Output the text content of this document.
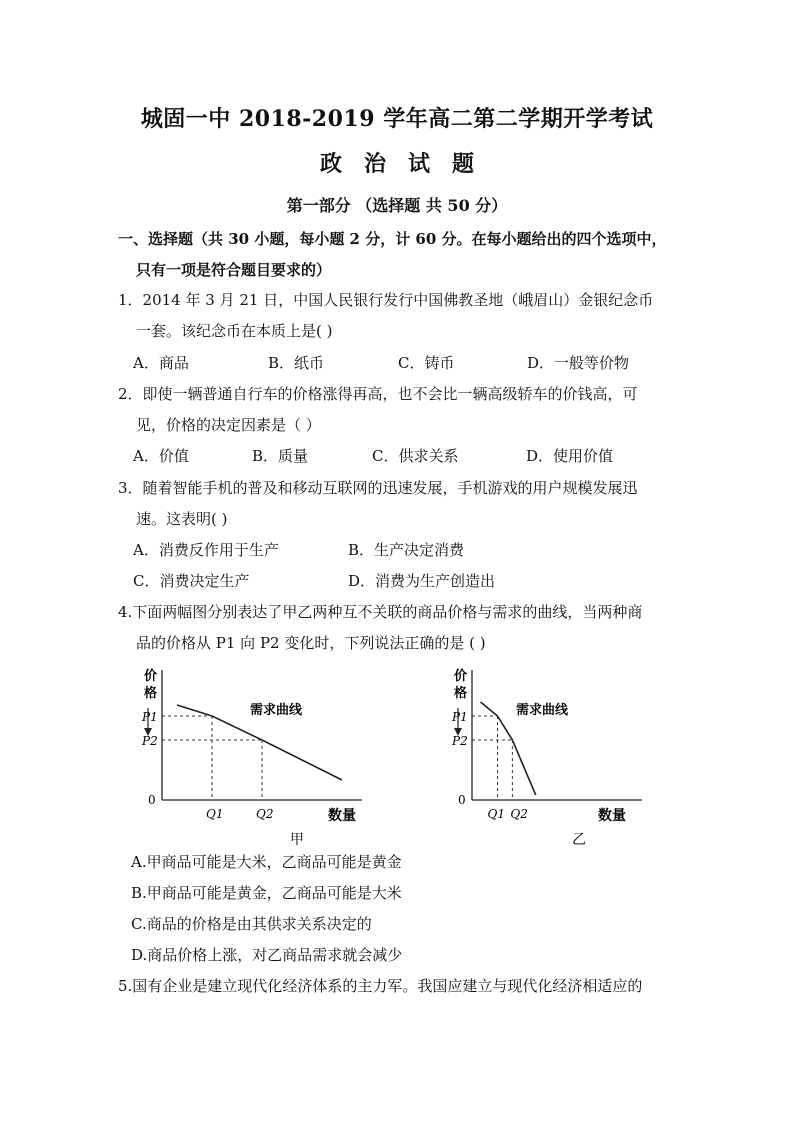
城固一中 2018-2019 学年高二第二学期开学考试
政治试题
第一部分 （选择题 共 50 分）
一、选择题（共 30 小题，每小题 2 分，计 60 分。在每小题给出的四个选项中，
只有一项是符合题目要求的）
1．2014 年 3 月 21 日，中国人民银行发行中国佛教圣地（峨眉山）金银纪念币
一套。该纪念币在本质上是( )
A．商品	B．纸币	C．铸币	D．一般等价物
2．即使一辆普通自行车的价格涨得再高，也不会比一辆高级轿车的价钱高，可
见，价格的决定因素是（ ）
A．价值	B．质量	C．供求关系	D．使用价值
3．随着智能手机的普及和移动互联网的迅速发展，手机游戏的用户规模发展迅
速。这表明( )
A．消费反作用于生产	B．生产决定消费
C．消费决定生产	D．消费为生产创造出
4.下面两幅图分别表达了甲乙两种互不关联的商品价格与需求的曲线，当两种商
品的价格从 P1 向 P2 变化时，下列说法正确的是 ( )
价
格
0
数量
需求曲线
P1
Q1
P2
Q2
甲
价
格
0
数量
需求曲线
P1
Q1
P2
Q2
乙
A.甲商品可能是大米，乙商品可能是黄金
B.甲商品可能是黄金，乙商品可能是大米
C.商品的价格是由其供求关系决定的
D.商品价格上涨，对乙商品需求就会减少
5.国有企业是建立现代化经济体系的主力军。我国应建立与现代化经济相适应的
